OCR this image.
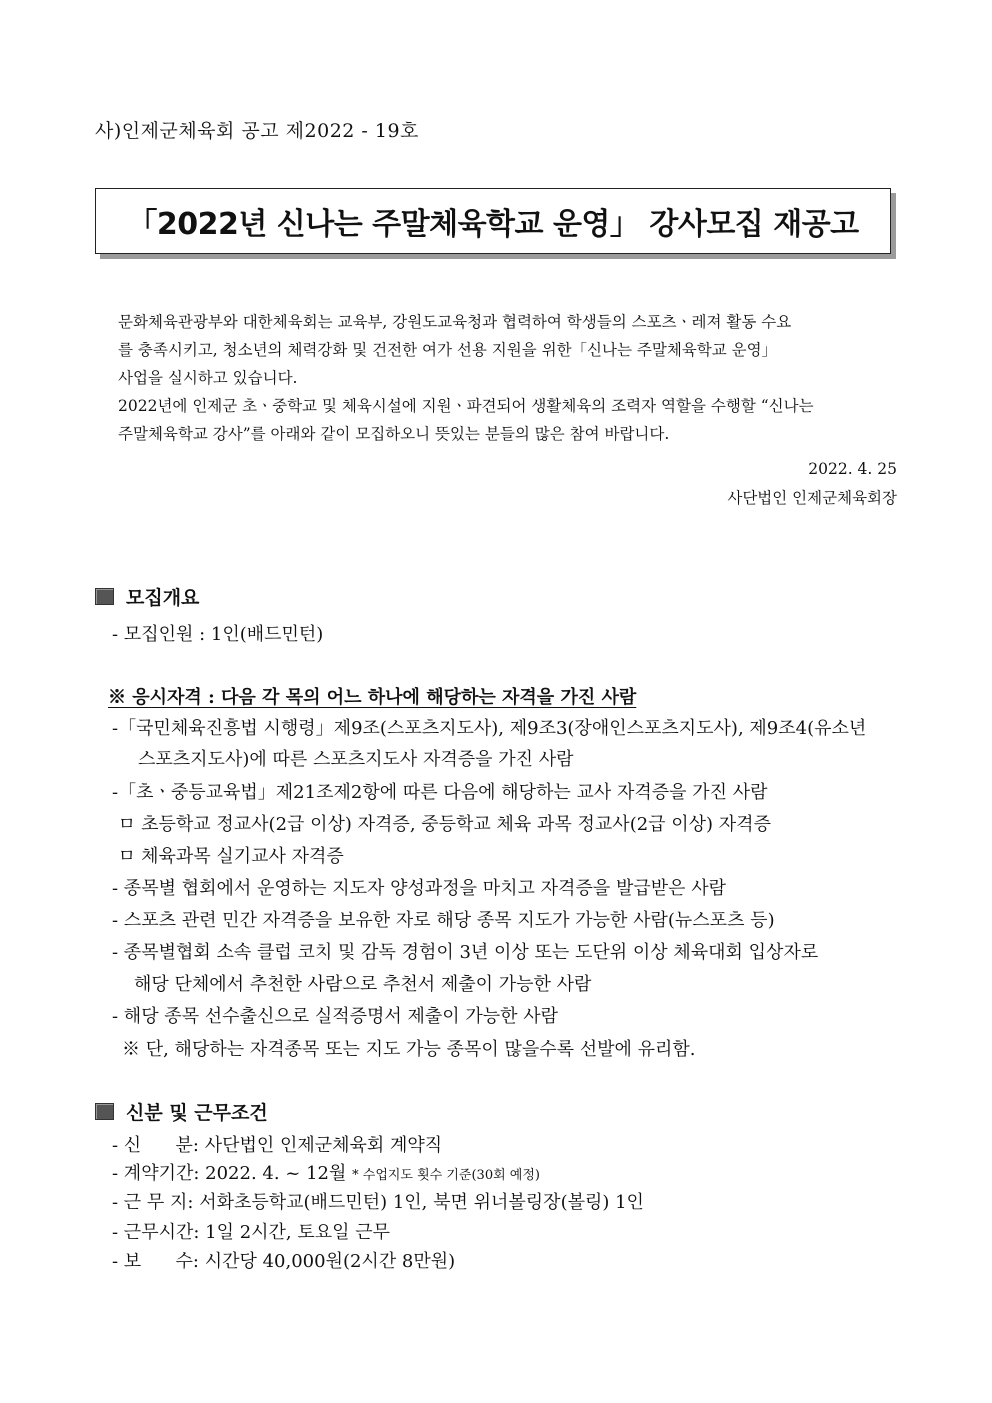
사)인제군체육회 공고 제2022 - 19호
「2022년 신나는 주말체육학교 운영」 강사모집 재공고

문화체육관광부와 대한체육회는 교육부, 강원도교육청과 협력하여 학생들의 스포츠ㆍ레져 활동 수요

를 충족시키고, 청소년의 체력강화 및 건전한 여가 선용 지원을 위한「신나는 주말체육학교 운영」

사업을 실시하고 있습니다.

2022년에 인제군 초ㆍ중학교 및 체육시설에 지원ㆍ파견되어 생활체육의 조력자 역할을 수행할 “신나는

주말체육학교 강사”를 아래와 같이 모집하오니 뜻있는 분들의 많은 참여 바랍니다.

2022. 4. 25
사단법인 인제군체육회장
모집개요
- 모집인원 : 1인(배드민턴)
※ 응시자격 : 다음 각 목의 어느 하나에 해당하는 자격을 가진 사람
-「국민체육진흥법 시행령」제9조(스포츠지도사), 제9조3(장애인스포츠지도사), 제9조4(유소년
스포츠지도사)에 따른 스포츠지도사 자격증을 가진 사람
-「초ㆍ중등교육법」제21조제2항에 따른 다음에 해당하는 교사 자격증을 가진 사람
ㅁ 초등학교 정교사(2급 이상) 자격증, 중등학교 체육 과목 정교사(2급 이상) 자격증
ㅁ 체육과목 실기교사 자격증
- 종목별 협회에서 운영하는 지도자 양성과정을 마치고 자격증을 발급받은 사람
- 스포츠 관련 민간 자격증을 보유한 자로 해당 종목 지도가 가능한 사람(뉴스포츠 등)
- 종목별협회 소속 클럽 코치 및 감독 경험이 3년 이상 또는 도단위 이상 체육대회 입상자로
해당 단체에서 추천한 사람으로 추천서 제출이 가능한 사람
- 해당 종목 선수출신으로 실적증명서 제출이 가능한 사람
※ 단, 해당하는 자격종목 또는 지도 가능 종목이 많을수록 선발에 유리함.
신분 및 근무조건
- 신      분: 사단법인 인제군체육회 계약직
- 계약기간: 2022. 4. ~ 12월 * 수업지도 횟수 기준(30회 예정)
- 근 무 지: 서화초등학교(배드민턴) 1인, 북면 위너볼링장(볼링) 1인
- 근무시간: 1일 2시간, 토요일 근무
- 보      수: 시간당 40,000원(2시간 8만원)
